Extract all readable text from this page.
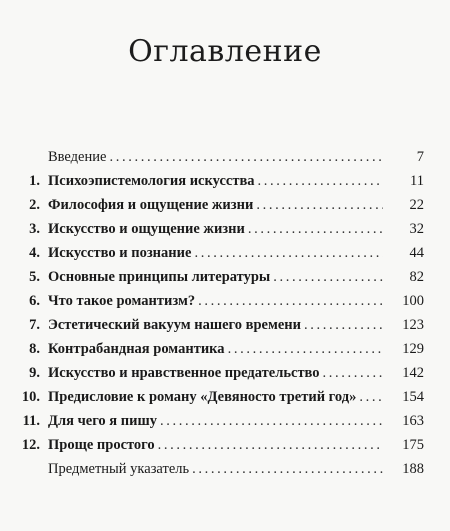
Оглавление
Введение . . .	7
1. Психоэпистемология искусства . . .	11
2. Философия и ощущение жизни . . .	22
3. Искусство и ощущение жизни . . .	32
4. Искусство и познание . . .	44
5. Основные принципы литературы . . .	82
6. Что такое романтизм? . . .	100
7. Эстетический вакуум нашего времени . . .	123
8. Контрабандная романтика . . .	129
9. Искусство и нравственное предательство . . .	142
10. Предисловие к роману «Девяносто третий год» . . .	154
11. Для чего я пишу . . .	163
12. Проще простого . . .	175
Предметный указатель . . .	188
